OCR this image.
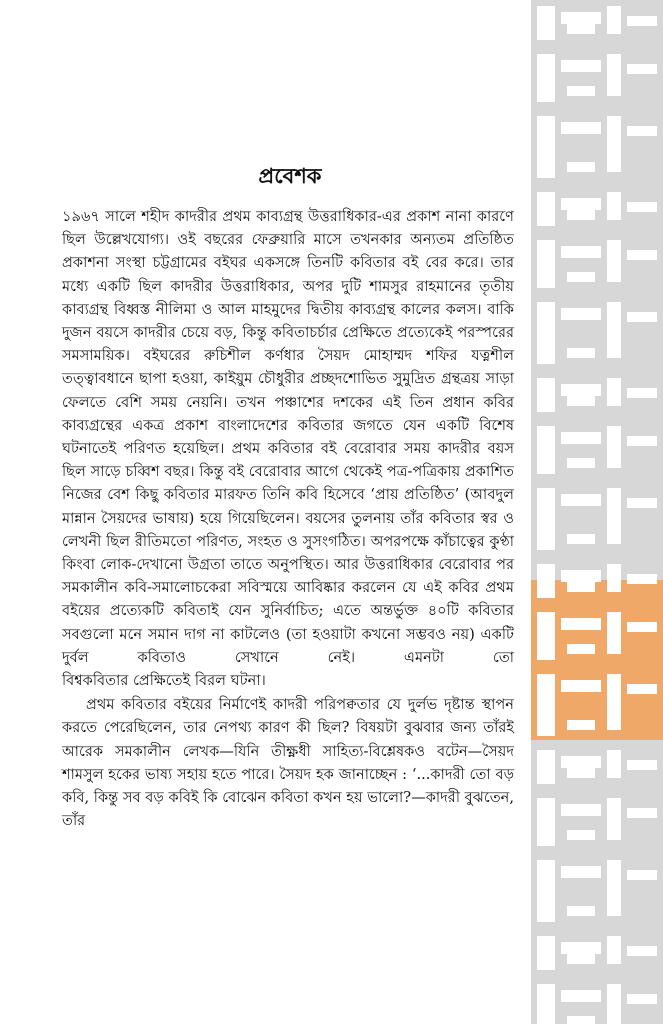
প্রবেশক

১৯৬৭ সালে শহীদ কাদরীর প্রথম কাব্যগ্রন্থ উত্তরাধিকার-এর প্রকাশ নানা কারণে ছিল উল্লেখযোগ্য। ওই বছরের ফেব্রুয়ারি মাসে তখনকার অন্যতম প্রতিষ্ঠিত প্রকাশনা সংস্থা চট্টগ্রামের বইঘর একসঙ্গে তিনটি কবিতার বই বের করে। তার মধ্যে একটি ছিল কাদরীর উত্তরাধিকার, অপর দুটি শামসুর রাহমানের তৃতীয় কাব্যগ্রন্থ বিধ্বস্ত নীলিমা ও আল মাহমুদের দ্বিতীয় কাব্যগ্রন্থ কালের কলস। বাকি দুজন বয়সে কাদরীর চেয়ে বড়, কিন্তু কবিতাচর্চার প্রেক্ষিতে প্রত্যেকেই পরস্পরের সমসাময়িক। বইঘরের রুচিশীল কর্ণধার সৈয়দ মোহাম্মদ শফির যত্নশীল তত্ত্বাবধানে ছাপা হওয়া, কাইয়ুম চৌধুরীর প্রচ্ছদশোভিত সুমুদ্রিত গ্রন্থত্রয় সাড়া ফেলতে বেশি সময় নেয়নি। তখন পঞ্চাশের দশকের এই তিন প্রধান কবির কাব্যগ্রন্থের একত্র প্রকাশ বাংলাদেশের কবিতার জগতে যেন একটি বিশেষ ঘটনাতেই পরিণত হয়েছিল। প্রথম কবিতার বই বেরোবার সময় কাদরীর বয়স ছিল সাড়ে চব্বিশ বছর। কিন্তু বই বেরোবার আগে থেকেই পত্র-পত্রিকায় প্রকাশিত নিজের বেশ কিছু কবিতার মারফত তিনি কবি হিসেবে ‘প্রায় প্রতিষ্ঠিত’ (আবদুল মান্নান সৈয়দের ভাষায়) হয়ে গিয়েছিলেন। বয়সের তুলনায় তাঁর কবিতার স্বর ও লেখনী ছিল রীতিমতো পরিণত, সংহত ও সুসংগঠিত। অপরপক্ষে কাঁচাত্বের কুণ্ঠা কিংবা লোক-দেখানো উগ্রতা তাতে অনুপস্থিত। আর উত্তরাধিকার বেরোবার পর সমকালীন কবি-সমালোচকেরা সবিস্ময়ে আবিষ্কার করলেন যে এই কবির প্রথম বইয়ের প্রত্যেকটি কবিতাই যেন সুনির্বাচিত; এতে অন্তর্ভুক্ত ৪০টি কবিতার সবগুলো মনে সমান দাগ না কাটলেও (তা হওয়াটা কখনো সম্ভবও নয়) একটি দুর্বল কবিতাও সেখানে নেই। এমনটা তো
বিশ্বকবিতার প্রেক্ষিতেই বিরল ঘটনা।

প্রথম কবিতার বইয়ের নির্মাণেই কাদরী পরিপক্বতার যে দুর্লভ দৃষ্টান্ত স্থাপন করতে পেরেছিলেন, তার নেপথ্য কারণ কী ছিল? বিষয়টা বুঝবার জন্য তাঁরই আরেক সমকালীন লেখক—যিনি তীক্ষ্ণধী সাহিত্য-বিশ্লেষকও বটেন—সৈয়দ শামসুল হকের ভাষ্য সহায় হতে পারে। সৈয়দ হক জানাচ্ছেন : ‘...কাদরী তো বড় কবি, কিন্তু সব বড় কবিই কি বোঝেন কবিতা কখন হয় ভালো?—কাদরী বুঝতেন, তাঁর
